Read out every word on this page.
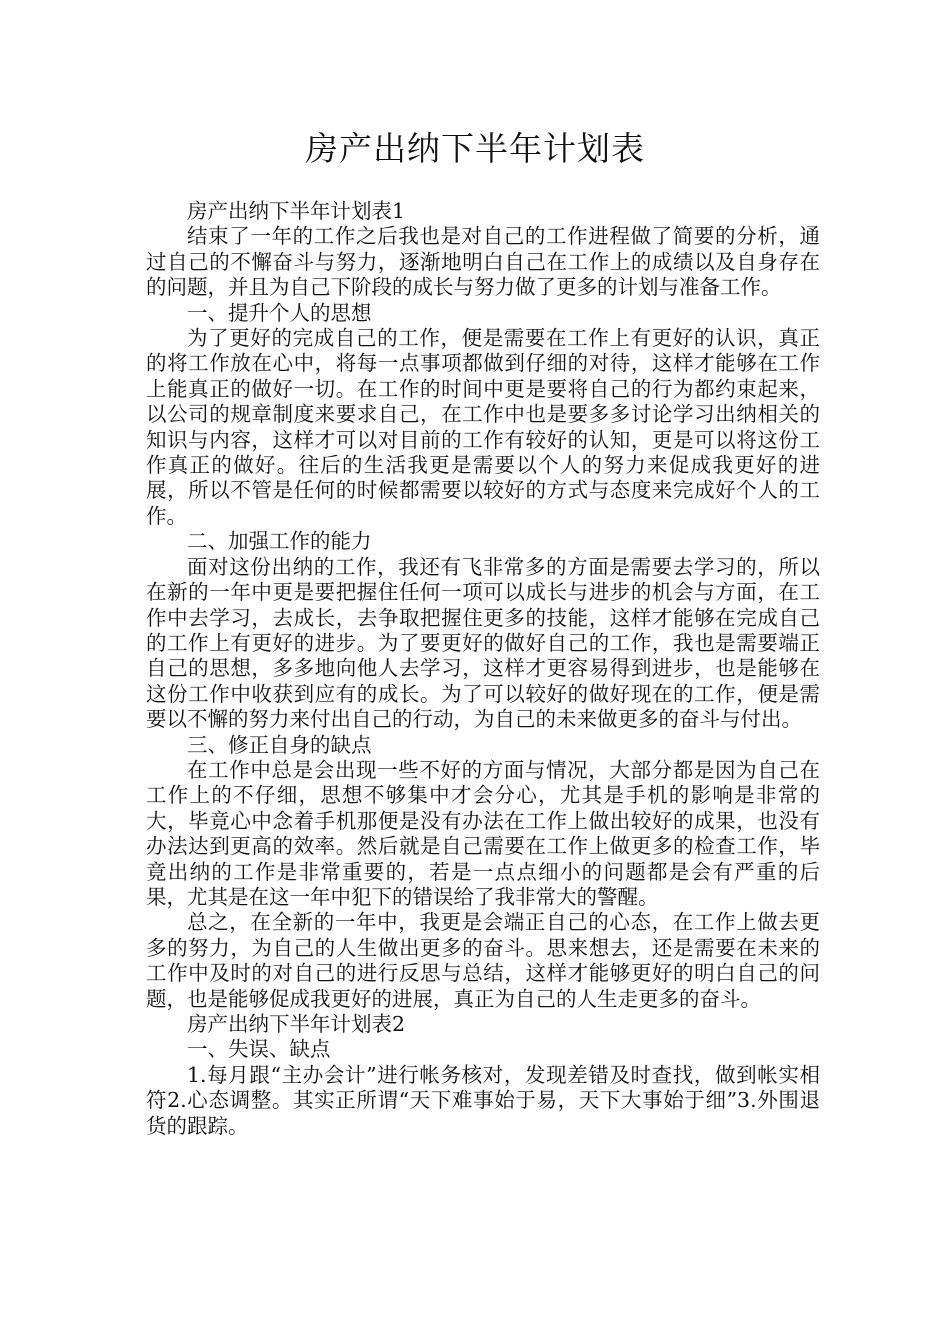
房产出纳下半年计划表

房产出纳下半年计划表1

结束了一年的工作之后我也是对自己的工作进程做了简要的分析，通过自己的不懈奋斗与努力，逐渐地明白自己在工作上的成绩以及自身存在的问题，并且为自己下阶段的成长与努力做了更多的计划与准备工作。

一、提升个人的思想

为了更好的完成自己的工作，便是需要在工作上有更好的认识，真正的将工作放在心中，将每一点事项都做到仔细的对待，这样才能够在工作上能真正的做好一切。在工作的时间中更是要将自己的行为都约束起来，以公司的规章制度来要求自己，在工作中也是要多多讨论学习出纳相关的知识与内容，这样才可以对目前的工作有较好的认知，更是可以将这份工作真正的做好。往后的生活我更是需要以个人的努力来促成我更好的进展，所以不管是任何的时候都需要以较好的方式与态度来完成好个人的工作。

二、加强工作的能力

面对这份出纳的工作，我还有飞非常多的方面是需要去学习的，所以在新的一年中更是要把握住任何一项可以成长与进步的机会与方面，在工作中去学习，去成长，去争取把握住更多的技能，这样才能够在完成自己的工作上有更好的进步。为了要更好的做好自己的工作，我也是需要端正自己的思想，多多地向他人去学习，这样才更容易得到进步，也是能够在这份工作中收获到应有的成长。为了可以较好的做好现在的工作，便是需要以不懈的努力来付出自己的行动，为自己的未来做更多的奋斗与付出。

三、修正自身的缺点

在工作中总是会出现一些不好的方面与情况，大部分都是因为自己在工作上的不仔细，思想不够集中才会分心，尤其是手机的影响是非常的大，毕竟心中念着手机那便是没有办法在工作上做出较好的成果，也没有办法达到更高的效率。然后就是自己需要在工作上做更多的检查工作，毕竟出纳的工作是非常重要的，若是一点点细小的问题都是会有严重的后果，尤其是在这一年中犯下的错误给了我非常大的警醒。

总之，在全新的一年中，我更是会端正自己的心态，在工作上做去更多的努力，为自己的人生做出更多的奋斗。思来想去，还是需要在未来的工作中及时的对自己的进行反思与总结，这样才能够更好的明白自己的问题，也是能够促成我更好的进展，真正为自己的人生走更多的奋斗。

房产出纳下半年计划表2

一、失误、缺点

1.每月跟“主办会计”进行帐务核对，发现差错及时查找，做到帐实相符2.心态调整。其实正所谓“天下难事始于易，天下大事始于细”3.外围退货的跟踪。
